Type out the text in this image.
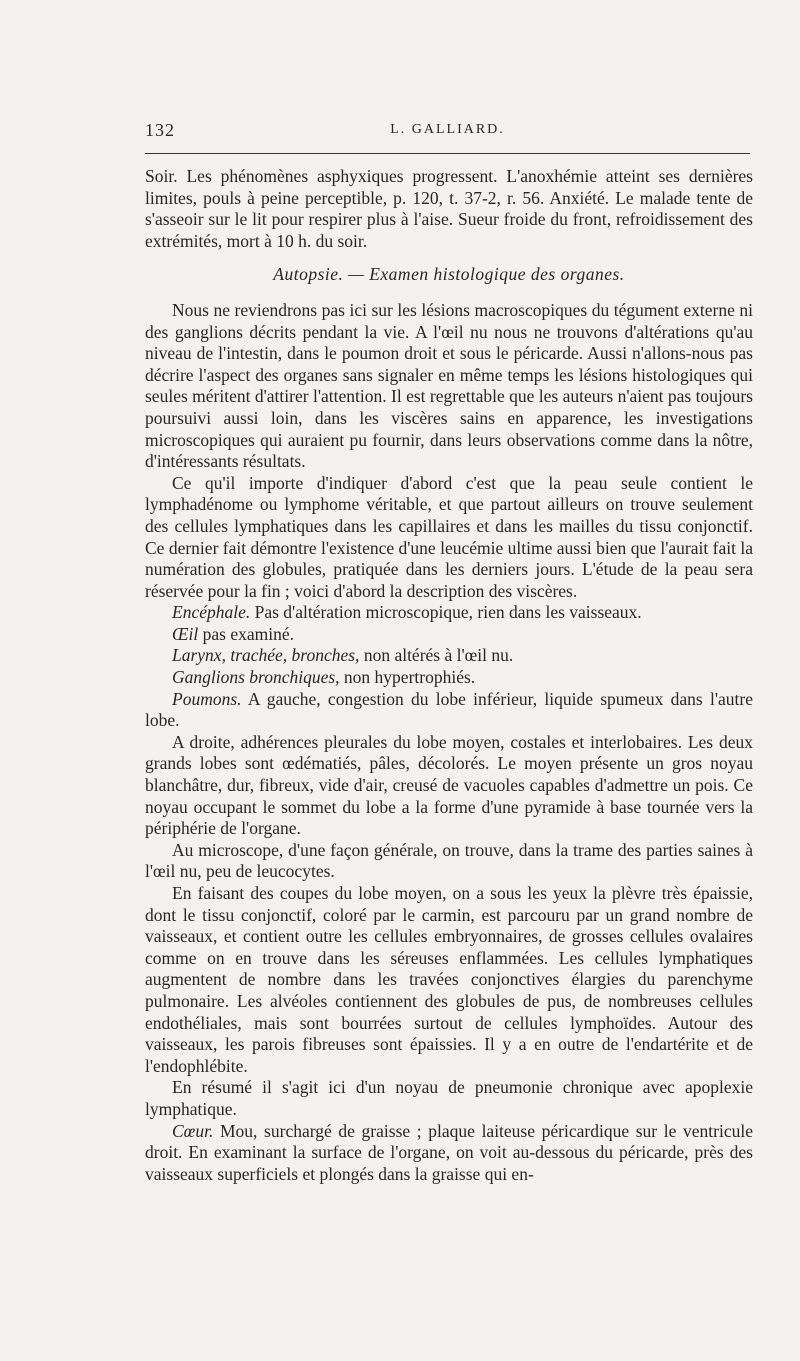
132	L. GALLIARD.

Soir. Les phénomènes asphyxiques progressent. L'anoxhémie atteint ses dernières limites, pouls à peine perceptible, p. 120, t. 37-2, r. 56. Anxiété. Le malade tente de s'asseoir sur le lit pour respirer plus à l'aise. Sueur froide du front, refroidissement des extrémités, mort à 10 h. du soir.

Autopsie. — Examen histologique des organes.

Nous ne reviendrons pas ici sur les lésions macroscopiques du tégument externe ni des ganglions décrits pendant la vie. A l'œil nu nous ne trouvons d'altérations qu'au niveau de l'intestin, dans le poumon droit et sous le péricarde. Aussi n'allons-nous pas décrire l'aspect des organes sans signaler en même temps les lésions histologiques qui seules méritent d'attirer l'attention. Il est regrettable que les auteurs n'aient pas toujours poursuivi aussi loin, dans les viscères sains en apparence, les investigations microscopiques qui auraient pu fournir, dans leurs observations comme dans la nôtre, d'intéressants résultats.

Ce qu'il importe d'indiquer d'abord c'est que la peau seule contient le lymphadénome ou lymphome véritable, et que partout ailleurs on trouve seulement des cellules lymphatiques dans les capillaires et dans les mailles du tissu conjonctif. Ce dernier fait démontre l'existence d'une leucémie ultime aussi bien que l'aurait fait la numération des globules, pratiquée dans les derniers jours. L'étude de la peau sera réservée pour la fin ; voici d'abord la description des viscères.

Encéphale. Pas d'altération microscopique, rien dans les vaisseaux.

Œil pas examiné.

Larynx, trachée, bronches, non altérés à l'œil nu.

Ganglions bronchiques, non hypertrophiés.

Poumons. A gauche, congestion du lobe inférieur, liquide spumeux dans l'autre lobe.

A droite, adhérences pleurales du lobe moyen, costales et interlobaires. Les deux grands lobes sont œdématiés, pâles, décolorés. Le moyen présente un gros noyau blanchâtre, dur, fibreux, vide d'air, creusé de vacuoles capables d'admettre un pois. Ce noyau occupant le sommet du lobe a la forme d'une pyramide à base tournée vers la périphérie de l'organe.

Au microscope, d'une façon générale, on trouve, dans la trame des parties saines à l'œil nu, peu de leucocytes.

En faisant des coupes du lobe moyen, on a sous les yeux la plèvre très épaissie, dont le tissu conjonctif, coloré par le carmin, est parcouru par un grand nombre de vaisseaux, et contient outre les cellules embryonnaires, de grosses cellules ovalaires comme on en trouve dans les séreuses enflammées. Les cellules lymphatiques augmentent de nombre dans les travées conjonctives élargies du parenchyme pulmonaire. Les alvéoles contiennent des globules de pus, de nombreuses cellules endothéliales, mais sont bourrées surtout de cellules lymphoïdes. Autour des vaisseaux, les parois fibreuses sont épaissies. Il y a en outre de l'endartérite et de l'endophlébite.

En résumé il s'agit ici d'un noyau de pneumonie chronique avec apoplexie lymphatique.

Cœur. Mou, surchargé de graisse ; plaque laiteuse péricardique sur le ventricule droit. En examinant la surface de l'organe, on voit au-dessous du péricarde, près des vaisseaux superficiels et plongés dans la graisse qui en-
